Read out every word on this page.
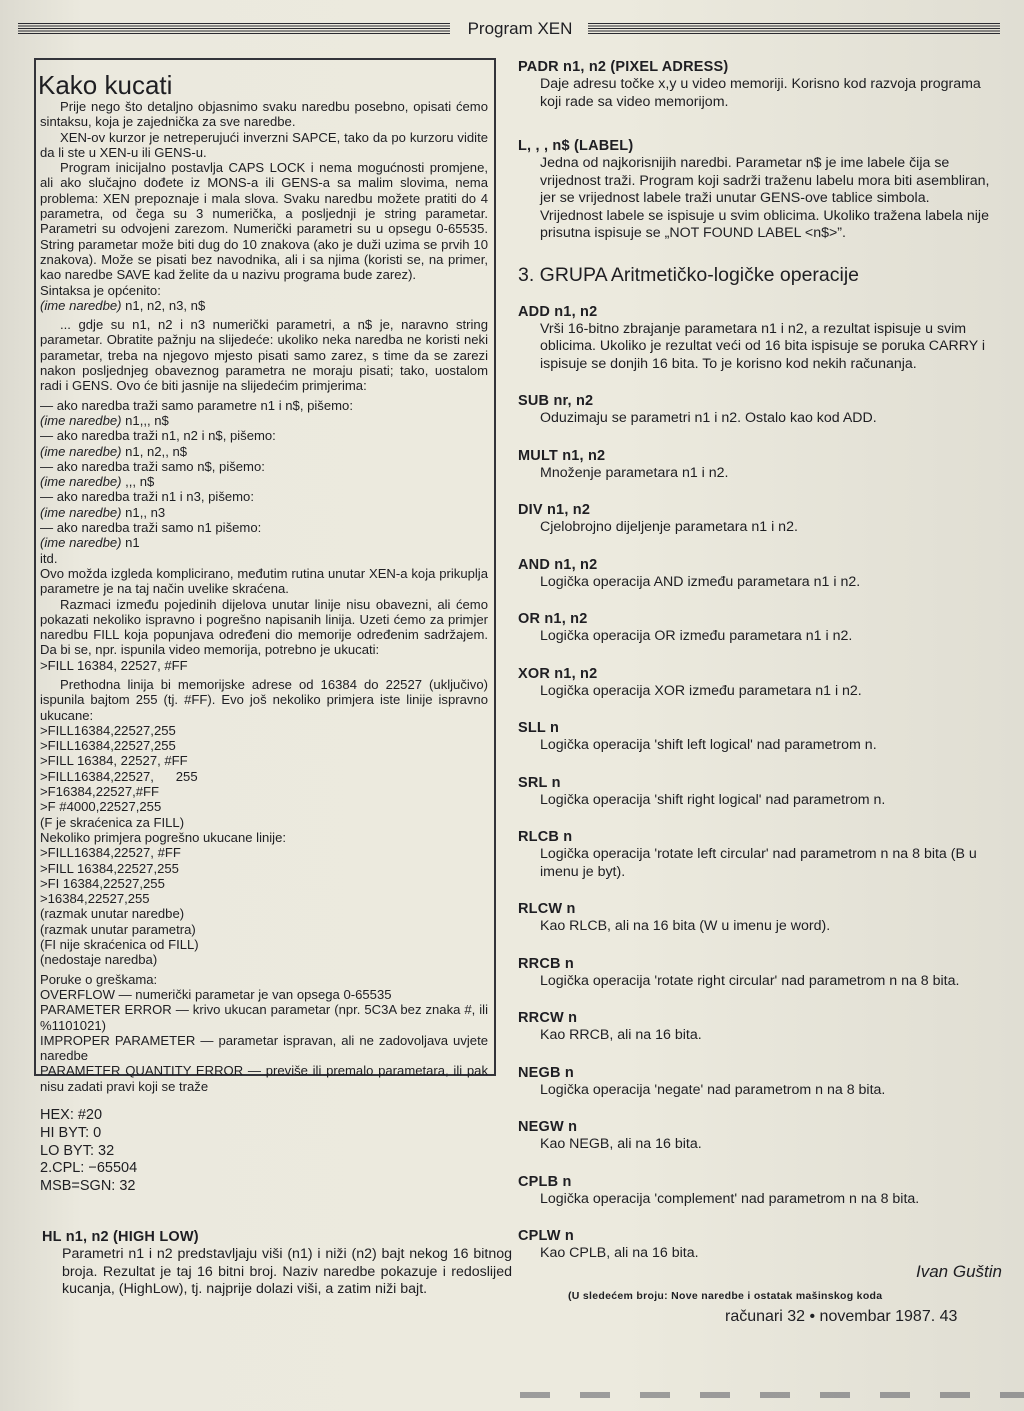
Program XEN
Kako kucati

Prije nego što detaljno objasnimo svaku naredbu posebno, opisati ćemo sintaksu, koja je zajednička za sve naredbe.

XEN-ov kurzor je netreperujući inverzni SAPCE, tako da po kurzoru vidite da li ste u XEN-u ili GENS-u.

Program inicijalno postavlja CAPS LOCK i nema mogućnosti promjene, ali ako slučajno dođete iz MONS-a ili GENS-a sa malim slovima, nema problema: XEN prepoznaje i mala slova. Svaku naredbu možete pratiti do 4 parametra, od čega su 3 numerička, a posljednji je string parametar. Parametri su odvojeni zarezom. Numerički parametri su u opsegu 0-65535. String parametar može biti dug do 10 znakova (ako je duži uzima se prvih 10 znakova). Može se pisati bez navodnika, ali i sa njima (koristi se, na primer, kao naredbe SAVE kad želite da u nazivu programa bude zarez).

Sintaksa je općenito:

(ime naredbe) n1, n2, n3, n$

... gdje su n1, n2 i n3 numerički parametri, a n$ je, naravno string parametar. Obratite pažnju na slijedeće: ukoliko neka naredba ne koristi neki parametar, treba na njegovo mjesto pisati samo zarez, s time da se zarezi nakon posljednjeg obaveznog parametra ne moraju pisati; tako, uostalom radi i GENS. Ovo će biti jasnije na slijedećim primjerima:

— ako naredba traži samo parametre n1 i n$, pišemo:

(ime naredbe) n1,,, n$

— ako naredba traži n1, n2 i n$, pišemo:

(ime naredbe) n1, n2,, n$

— ako naredba traži samo n$, pišemo:

(ime naredbe) ,,, n$

— ako naredba traži n1 i n3, pišemo:

(ime naredbe) n1,, n3

— ako naredba traži samo n1 pišemo:

(ime naredbe) n1

itd.

Ovo možda izgleda komplicirano, međutim rutina unutar XEN-a koja prikuplja parametre je na taj način uvelike skraćena.

Razmaci između pojedinih dijelova unutar linije nisu obavezni, ali ćemo pokazati nekoliko ispravno i pogrešno napisanih linija. Uzeti ćemo za primjer naredbu FILL koja popunjava određeni dio memorije određenim sadržajem. Da bi se, npr. ispunila video memorija, potrebno je ukucati:

>FILL 16384, 22527, #FF

Prethodna linija bi memorijske adrese od 16384 do 22527 (uključivo) ispunila bajtom 255 (tj. #FF). Evo još nekoliko primjera iste linije ispravno ukucane:

>FILL16384,22527,255

>FILL16384,22527,255

>FILL 16384, 22527, #FF

>FILL16384,22527,      255

>F16384,22527,#FF

>F #4000,22527,255

(F je skraćenica za FILL)

Nekoliko primjera pogrešno ukucane linije:

>FILL16384,22527, #FF

>FILL 16384,22527,255

>FI 16384,22527,255

>16384,22527,255

(razmak unutar naredbe)

(razmak unutar parametra)

(FI nije skraćenica od FILL)

(nedostaje naredba)

Poruke o greškama:

OVERFLOW — numerički parametar je van opsega 0-65535

PARAMETER ERROR — krivo ukucan parametar (npr. 5C3A bez znaka #, ili %1101021)

IMPROPER PARAMETER — parametar ispravan, ali ne zadovoljava uvjete naredbe

PARAMETER QUANTITY ERROR — previše ili premalo parametara, ili pak nisu zadati pravi koji se traže

HEX: #20
HI BYT: 0
LO BYT: 32
2.CPL: −65504
MSB=SGN: 32
HL n1, n2 (HIGH LOW)
Parametri n1 i n2 predstavljaju viši (n1) i niži (n2) bajt nekog 16 bitnog broja. Rezultat je taj 16 bitni broj. Naziv naredbe pokazuje i redoslijed kucanja, (HighLow), tj. najprije dolazi viši, a zatim niži bajt.
PADR n1, n2 (PIXEL ADRESS)
Daje adresu točke x,y u video memoriji. Korisno kod razvoja programa koji rade sa video memorijom.
L, , , n$ (LABEL)
Jedna od najkorisnijih naredbi. Parametar n$ je ime labele čija se vrijednost traži. Program koji sadrži traženu labelu mora biti asembliran, jer se vrijednost labele traži unutar GENS-ove tablice simbola. Vrijednost labele se ispisuje u svim oblicima. Ukoliko tražena labela nije prisutna ispisuje se „NOT FOUND LABEL <n$>”.

3. GRUPA Aritmetičko-logičke operacije

ADD n1, n2
Vrši 16-bitno zbrajanje parametara n1 i n2, a rezultat ispisuje u svim oblicima. Ukoliko je rezultat veći od 16 bita ispisuje se poruka CARRY i ispisuje se donjih 16 bita. To je korisno kod nekih računanja.
SUB nr, n2
Oduzimaju se parametri n1 i n2. Ostalo kao kod ADD.
MULT n1, n2
Množenje parametara n1 i n2.
DIV n1, n2
Cjelobrojno dijeljenje parametara n1 i n2.
AND n1, n2
Logička operacija AND između parametara n1 i n2.
OR n1, n2
Logička operacija OR između parametara n1 i n2.
XOR n1, n2
Logička operacija XOR između parametara n1 i n2.
SLL n
Logička operacija 'shift left logical' nad parametrom n.
SRL n
Logička operacija 'shift right logical' nad parametrom n.
RLCB n
Logička operacija 'rotate left circular' nad parametrom n na 8 bita (B u imenu je byt).
RLCW n
Kao RLCB, ali na 16 bita (W u imenu je word).
RRCB n
Logička operacija 'rotate right circular' nad parametrom n na 8 bita.
RRCW n
Kao RRCB, ali na 16 bita.
NEGB n
Logička operacija 'negate' nad parametrom n na 8 bita.
NEGW n
Kao NEGB, ali na 16 bita.
CPLB n
Logička operacija 'complement' nad parametrom n na 8 bita.
CPLW n
Kao CPLB, ali na 16 bita.
Ivan Guštin
(U sledećem broju: Nove naredbe i ostatak mašinskog koda
računari 32 • novembar 1987. 43
